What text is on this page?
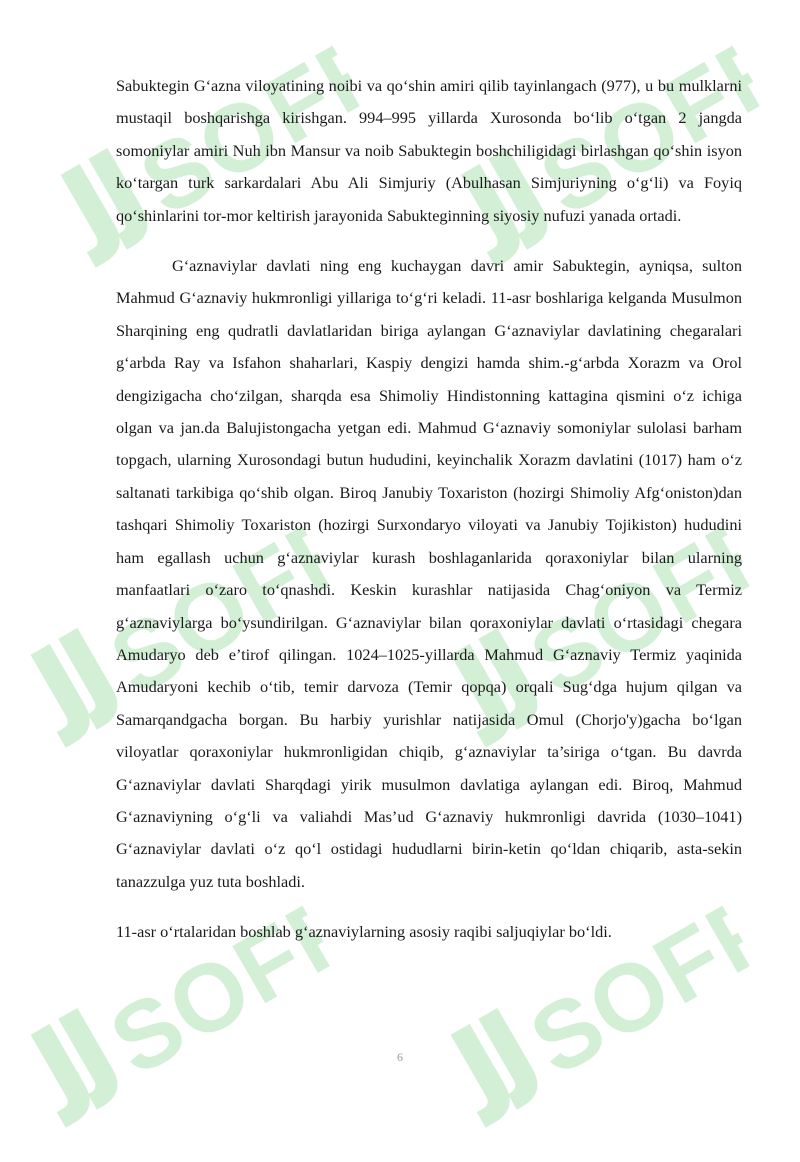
Sabuktegin G‘azna viloyatining noibi va qo‘shin amiri qilib tayinlangach (977), u bu mulklarni mustaqil boshqarishga kirishgan. 994–995 yillarda Xurosonda bo‘lib o‘tgan 2 jangda somoniylar amiri Nuh ibn Mansur va noib Sabuktegin boshchiligidagi birlashgan qo‘shin isyon ko‘targan turk sarkardalari Abu Ali Simjuriy (Abulhasan Simjuriyning o‘g‘li) va Foyiq qo‘shinlarini tor-mor keltirish jarayonida Sabukteginning siyosiy nufuzi yanada ortadi.

G‘aznaviylar davlati ning eng kuchaygan davri amir Sabuktegin, ayniqsa, sulton Mahmud G‘aznaviy hukmronligi yillariga to‘g‘ri keladi. 11-asr boshlariga kelganda Musulmon Sharqining eng qudratli davlatlaridan biriga aylangan G‘aznaviylar davlatining chegaralari g‘arbda Ray va Isfahon shaharlari, Kaspiy dengizi hamda shim.-g‘arbda Xorazm va Orol dengizigacha cho‘zilgan, sharqda esa Shimoliy Hindistonning kattagina qismini o‘z ichiga olgan va jan.da Balujistongacha yetgan edi. Mahmud G‘aznaviy somoniylar sulolasi barham topgach, ularning Xurosondagi butun hududini, keyinchalik Xorazm davlatini (1017) ham o‘z saltanati tarkibiga qo‘shib olgan. Biroq Janubiy Toxariston (hozirgi Shimoliy Afg‘oniston)dan tashqari Shimoliy Toxariston (hozirgi Surxondaryo viloyati va Janubiy Tojikiston) hududini ham egallash uchun g‘aznaviylar kurash boshlaganlarida qoraxoniylar bilan ularning manfaatlari o‘zaro to‘qnashdi. Keskin kurashlar natijasida Chag‘oniyon va Termiz g‘aznaviylarga bo‘ysundirilgan. G‘aznaviylar bilan qoraxoniylar davlati o‘rtasidagi chegara Amudaryo deb e’tirof qilingan. 1024–1025-yillarda Mahmud G‘aznaviy Termiz yaqinida Amudaryoni kechib o‘tib, temir darvoza (Temir qopqa) orqali Sug‘dga hujum qilgan va Samarqandgacha borgan. Bu harbiy yurishlar natijasida Omul (Chorjo'y)gacha bo‘lgan viloyatlar qoraxoniylar hukmronligidan chiqib, g‘aznaviylar ta’siriga o‘tgan. Bu davrda G‘aznaviylar davlati Sharqdagi yirik musulmon davlatiga aylangan edi. Biroq, Mahmud G‘aznaviyning o‘g‘li va valiahdi Mas’ud G‘aznaviy hukmronligi davrida (1030–1041) G‘aznaviylar davlati o‘z qo‘l ostidagi hududlarni birin-ketin qo‘ldan chiqarib, asta-sekin tanazzulga yuz tuta boshladi.

11-asr o‘rtalaridan boshlab g‘aznaviylarning asosiy raqibi saljuqiylar bo‘ldi.

6
